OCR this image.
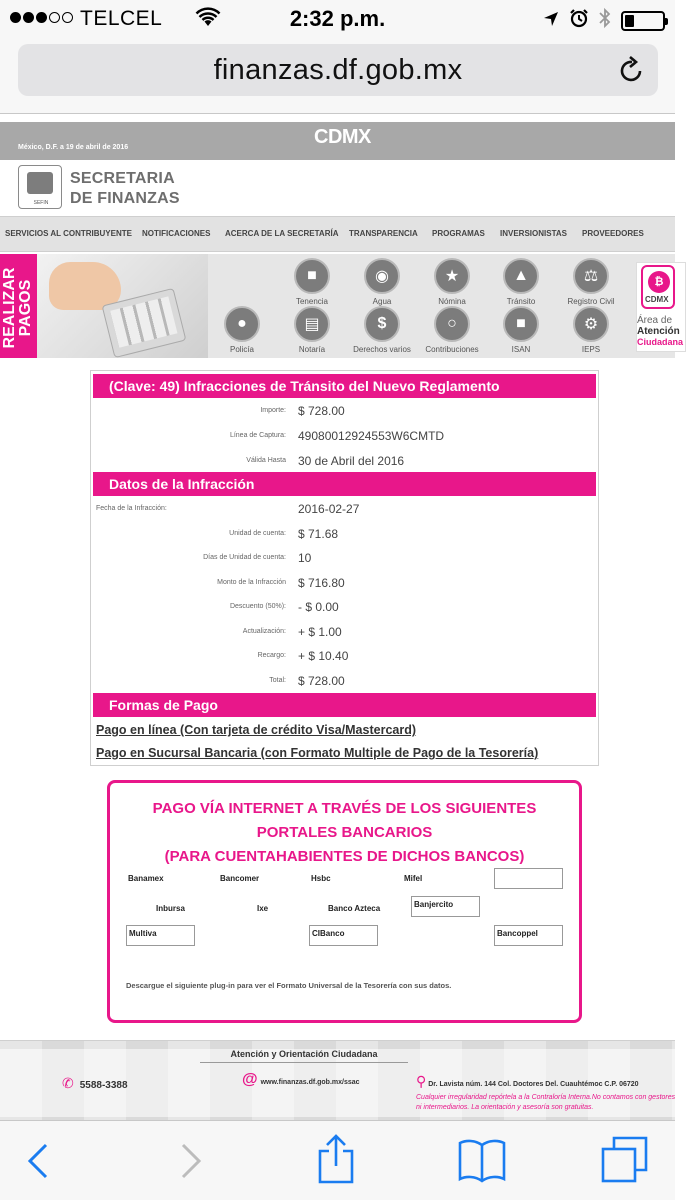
TELCEL	2:32 p.m.
finanzas.df.gob.mx
México, D.F. a 19 de abril de 2016	CDMX
SEFIN
SECRETARIA
DE FINANZAS
SERVICIOS AL CONTRIBUYENTE NOTIFICACIONES ACERCA DE LA SECRETARÍA TRANSPARENCIA PROGRAMAS INVERSIONISTAS PROVEEDORES
REALIZAR PAGOS
■
Tenencia
◉
Agua
★
Nómina
▲
Tránsito
⚖
Registro Civil
●
Policía
▤
Notaría
$
Derechos varios
○
Contribuciones
■
ISAN
⚙
IEPS
₿
CDMX
Área de
Atención
Ciudadana
(Clave: 49) Infracciones de Tránsito del Nuevo Reglamento
Importe: $ 728.00
Línea de Captura: 49080012924553W6CMTD
Válida Hasta 30 de Abril del 2016
Datos de la Infracción
Fecha de la Infracción:	2016-02-27
Unidad de cuenta: $ 71.68
Días de Unidad de cuenta: 10
Monto de la Infracción $ 716.80
Descuento (50%): - $ 0.00
Actualización: + $ 1.00
Recargo: + $ 10.40
Total: $ 728.00
Formas de Pago
Pago en línea (Con tarjeta de crédito Visa/Mastercard)
Pago en Sucursal Bancaria (con Formato Multiple de Pago de la Tesorería)
PAGO VÍA INTERNET A TRAVÉS DE LOS SIGUIENTES
PORTALES BANCARIOS
(PARA CUENTAHABIENTES DE DICHOS BANCOS)
Banamex	Bancomer	Hsbc	Mifel
Inbursa	Ixe	Banco Azteca	Banjercito
Multiva	CIBanco	Bancoppel
Descargue el siguiente plug-in para ver el Formato Universal de la Tesorería con sus datos.
Atención y Orientación Ciudadana
✆ 5588-3388	@ www.finanzas.df.gob.mx/ssac	⚲ Dr. Lavista núm. 144 Col. Doctores Del. Cuauhtémoc C.P. 06720
Cualquier irregularidad repórtela a la Contraloría Interna.No contamos con gestores ni intermediarios. La orientación y asesoría son gratuitas.
